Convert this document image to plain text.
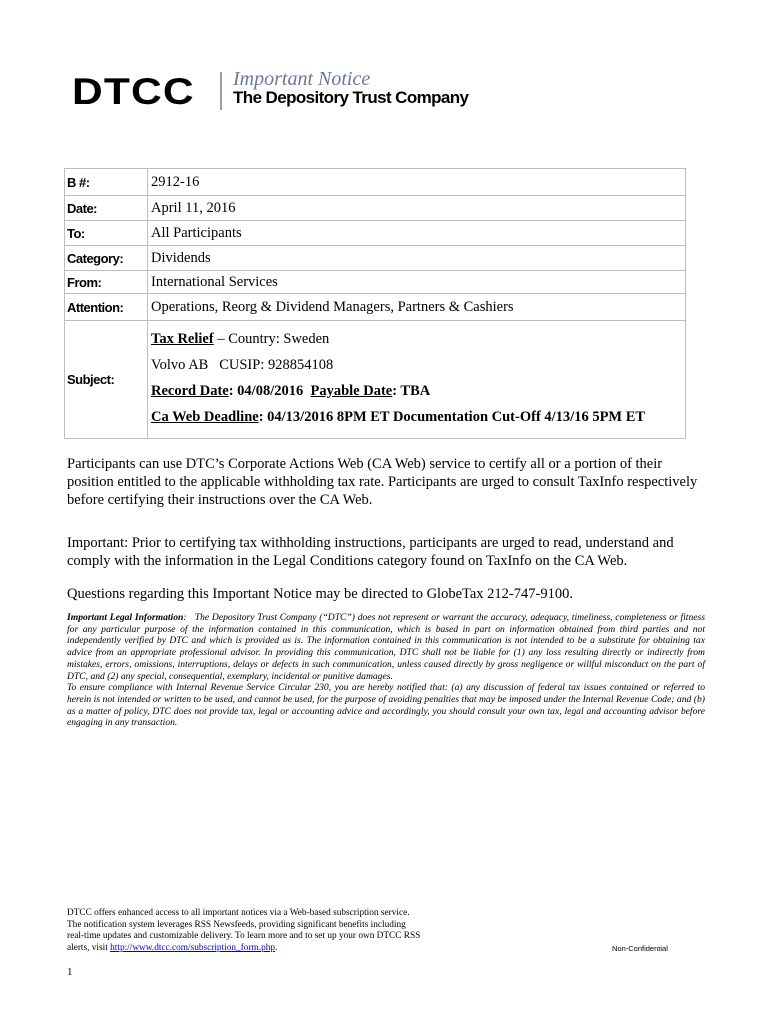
DTCC Important Notice
The Depository Trust Company
B #:	2912-16
Date:	April 11, 2016
To:	All Participants
Category:	Dividends
From:	International Services
Attention:	Operations, Reorg & Dividend Managers, Partners & Cashiers
Subject:	Tax Relief – Country: Sweden
Volvo AB   CUSIP: 928854108
Record Date: 04/08/2016  Payable Date: TBA
Ca Web Deadline: 04/13/2016 8PM ET Documentation Cut-Off 4/13/16 5PM ET
Participants can use DTC’s Corporate Actions Web (CA Web) service to certify all or a portion of their position entitled to the applicable withholding tax rate. Participants are urged to consult TaxInfo respectively before certifying their instructions over the CA Web.
Important: Prior to certifying tax withholding instructions, participants are urged to read, understand and comply with the information in the Legal Conditions category found on TaxInfo on the CA Web.
Questions regarding this Important Notice may be directed to GlobeTax 212-747-9100.
Important Legal Information:   The Depository Trust Company (“DTC”) does not represent or warrant the accuracy, adequacy, timeliness, completeness or fitness for any particular purpose of the information contained in this communication, which is based in part on information obtained from third parties and not independently verified by DTC and which is provided as is. The information contained in this communication is not intended to be a substitute for obtaining tax advice from an appropriate professional advisor. In providing this communication, DTC shall not be liable for (1) any loss resulting directly or indirectly from mistakes, errors, omissions, interruptions, delays or defects in such communication, unless caused directly by gross negligence or willful misconduct on the part of DTC, and (2) any special, consequential, exemplary, incidental or punitive damages.
To ensure compliance with Internal Revenue Service Circular 230, you are hereby notified that: (a) any discussion of federal tax issues contained or referred to herein is not intended or written to be used, and cannot be used, for the purpose of avoiding penalties that may be imposed under the Internal Revenue Code; and (b) as a matter of policy, DTC does not provide tax, legal or accounting advice and accordingly, you should consult your own tax, legal and accounting advisor before engaging in any transaction.
DTCC offers enhanced access to all important notices via a Web-based subscription service.
The notification system leverages RSS Newsfeeds, providing significant benefits including
real-time updates and customizable delivery. To learn more and to set up your own DTCC RSS
alerts, visit http://www.dtcc.com/subscription_form.php.	Non-Confidential
1
